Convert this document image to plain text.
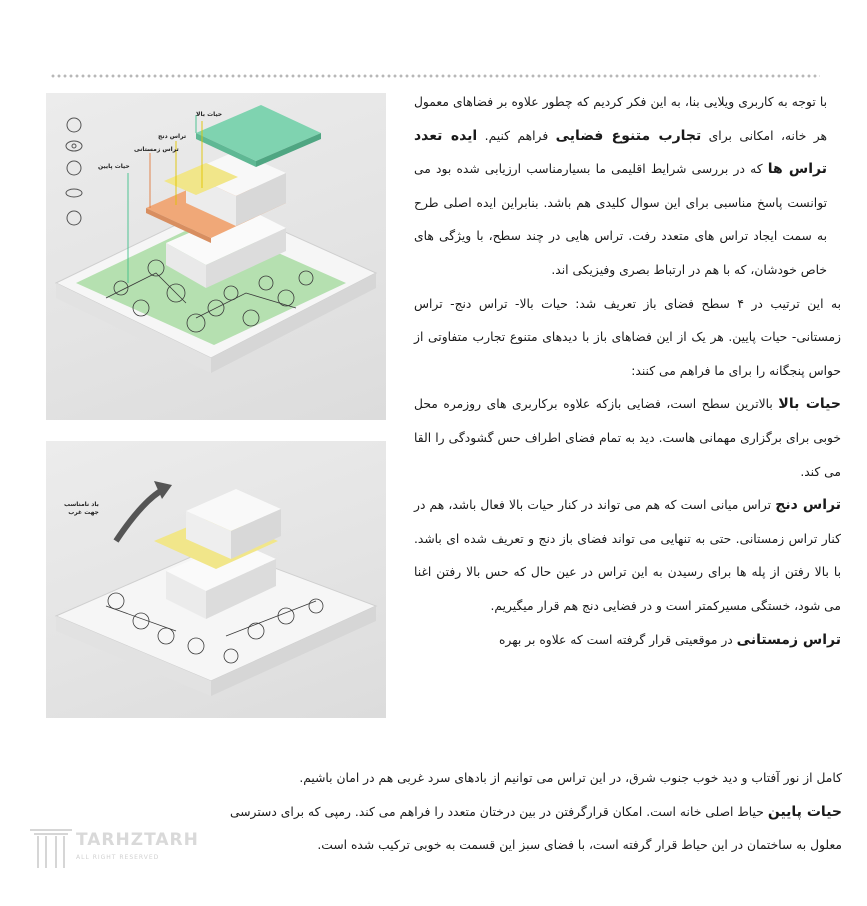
حیات بالا
تراس دنج
تراس زمستانی
حیات پایین
باد نامناسب
جهت غرب

با توجه به کاربری ویلایی بنا، به این فکر کردیم که چطور علاوه بر فضاهای معمول هر خانه، امکانی برای تجارب متنوع فضایی فراهم کنیم. ایده تعدد تراس ها که در بررسی شرایط اقلیمی ما بسیارمناسب ارزیابی شده بود می توانست پاسخ مناسبی برای این سوال کلیدی هم باشد. بنابراین ایده اصلی طرح به سمت ایجاد تراس های متعدد رفت. تراس هایی در چند سطح، با ویژگی های خاص خودشان، که با هم در ارتباط بصری وفیزیکی اند.

به این ترتیب در ۴ سطح فضای باز تعریف شد: حیات بالا- تراس دنج- تراس زمستانی- حیات پایین. هر یک از این فضاهای باز با دیدهای متنوع تجارب متفاوتی از حواس پنجگانه را برای ما فراهم می کنند:

حیات بالا بالاترین سطح است، فضایی بازکه علاوه برکاربری های روزمره محل خوبی برای برگزاری مهمانی هاست. دید به تمام فضای اطراف حس گشودگی را القا می کند.

تراس دنج تراس میانی است که هم می تواند در کنار حیات بالا فعال باشد، هم در کنار تراس زمستانی. حتی به تنهایی می تواند فضای باز دنج و تعریف شده ای باشد. با بالا رفتن از پله ها برای رسیدن به این تراس در عین حال که حس بالا رفتن اغنا می شود، خستگی مسیرکمتر است و در فضایی دنج هم قرار میگیریم.

تراس زمستانی در موقعیتی قرار گرفته است که علاوه بر بهره

کامل از نور آفتاب و دید خوب جنوب شرق، در این تراس می توانیم از بادهای سرد غربی هم در امان باشیم.

حیات پایین حیاط اصلی خانه است. امکان قرارگرفتن در بین درختان متعدد را فراهم می کند. رمپی که برای دسترسی معلول به ساختمان در این حیاط قرار گرفته است، با فضای سبز این قسمت به خوبی ترکیب شده است.

TARHZTARH
ALL RIGHT RESERVED
